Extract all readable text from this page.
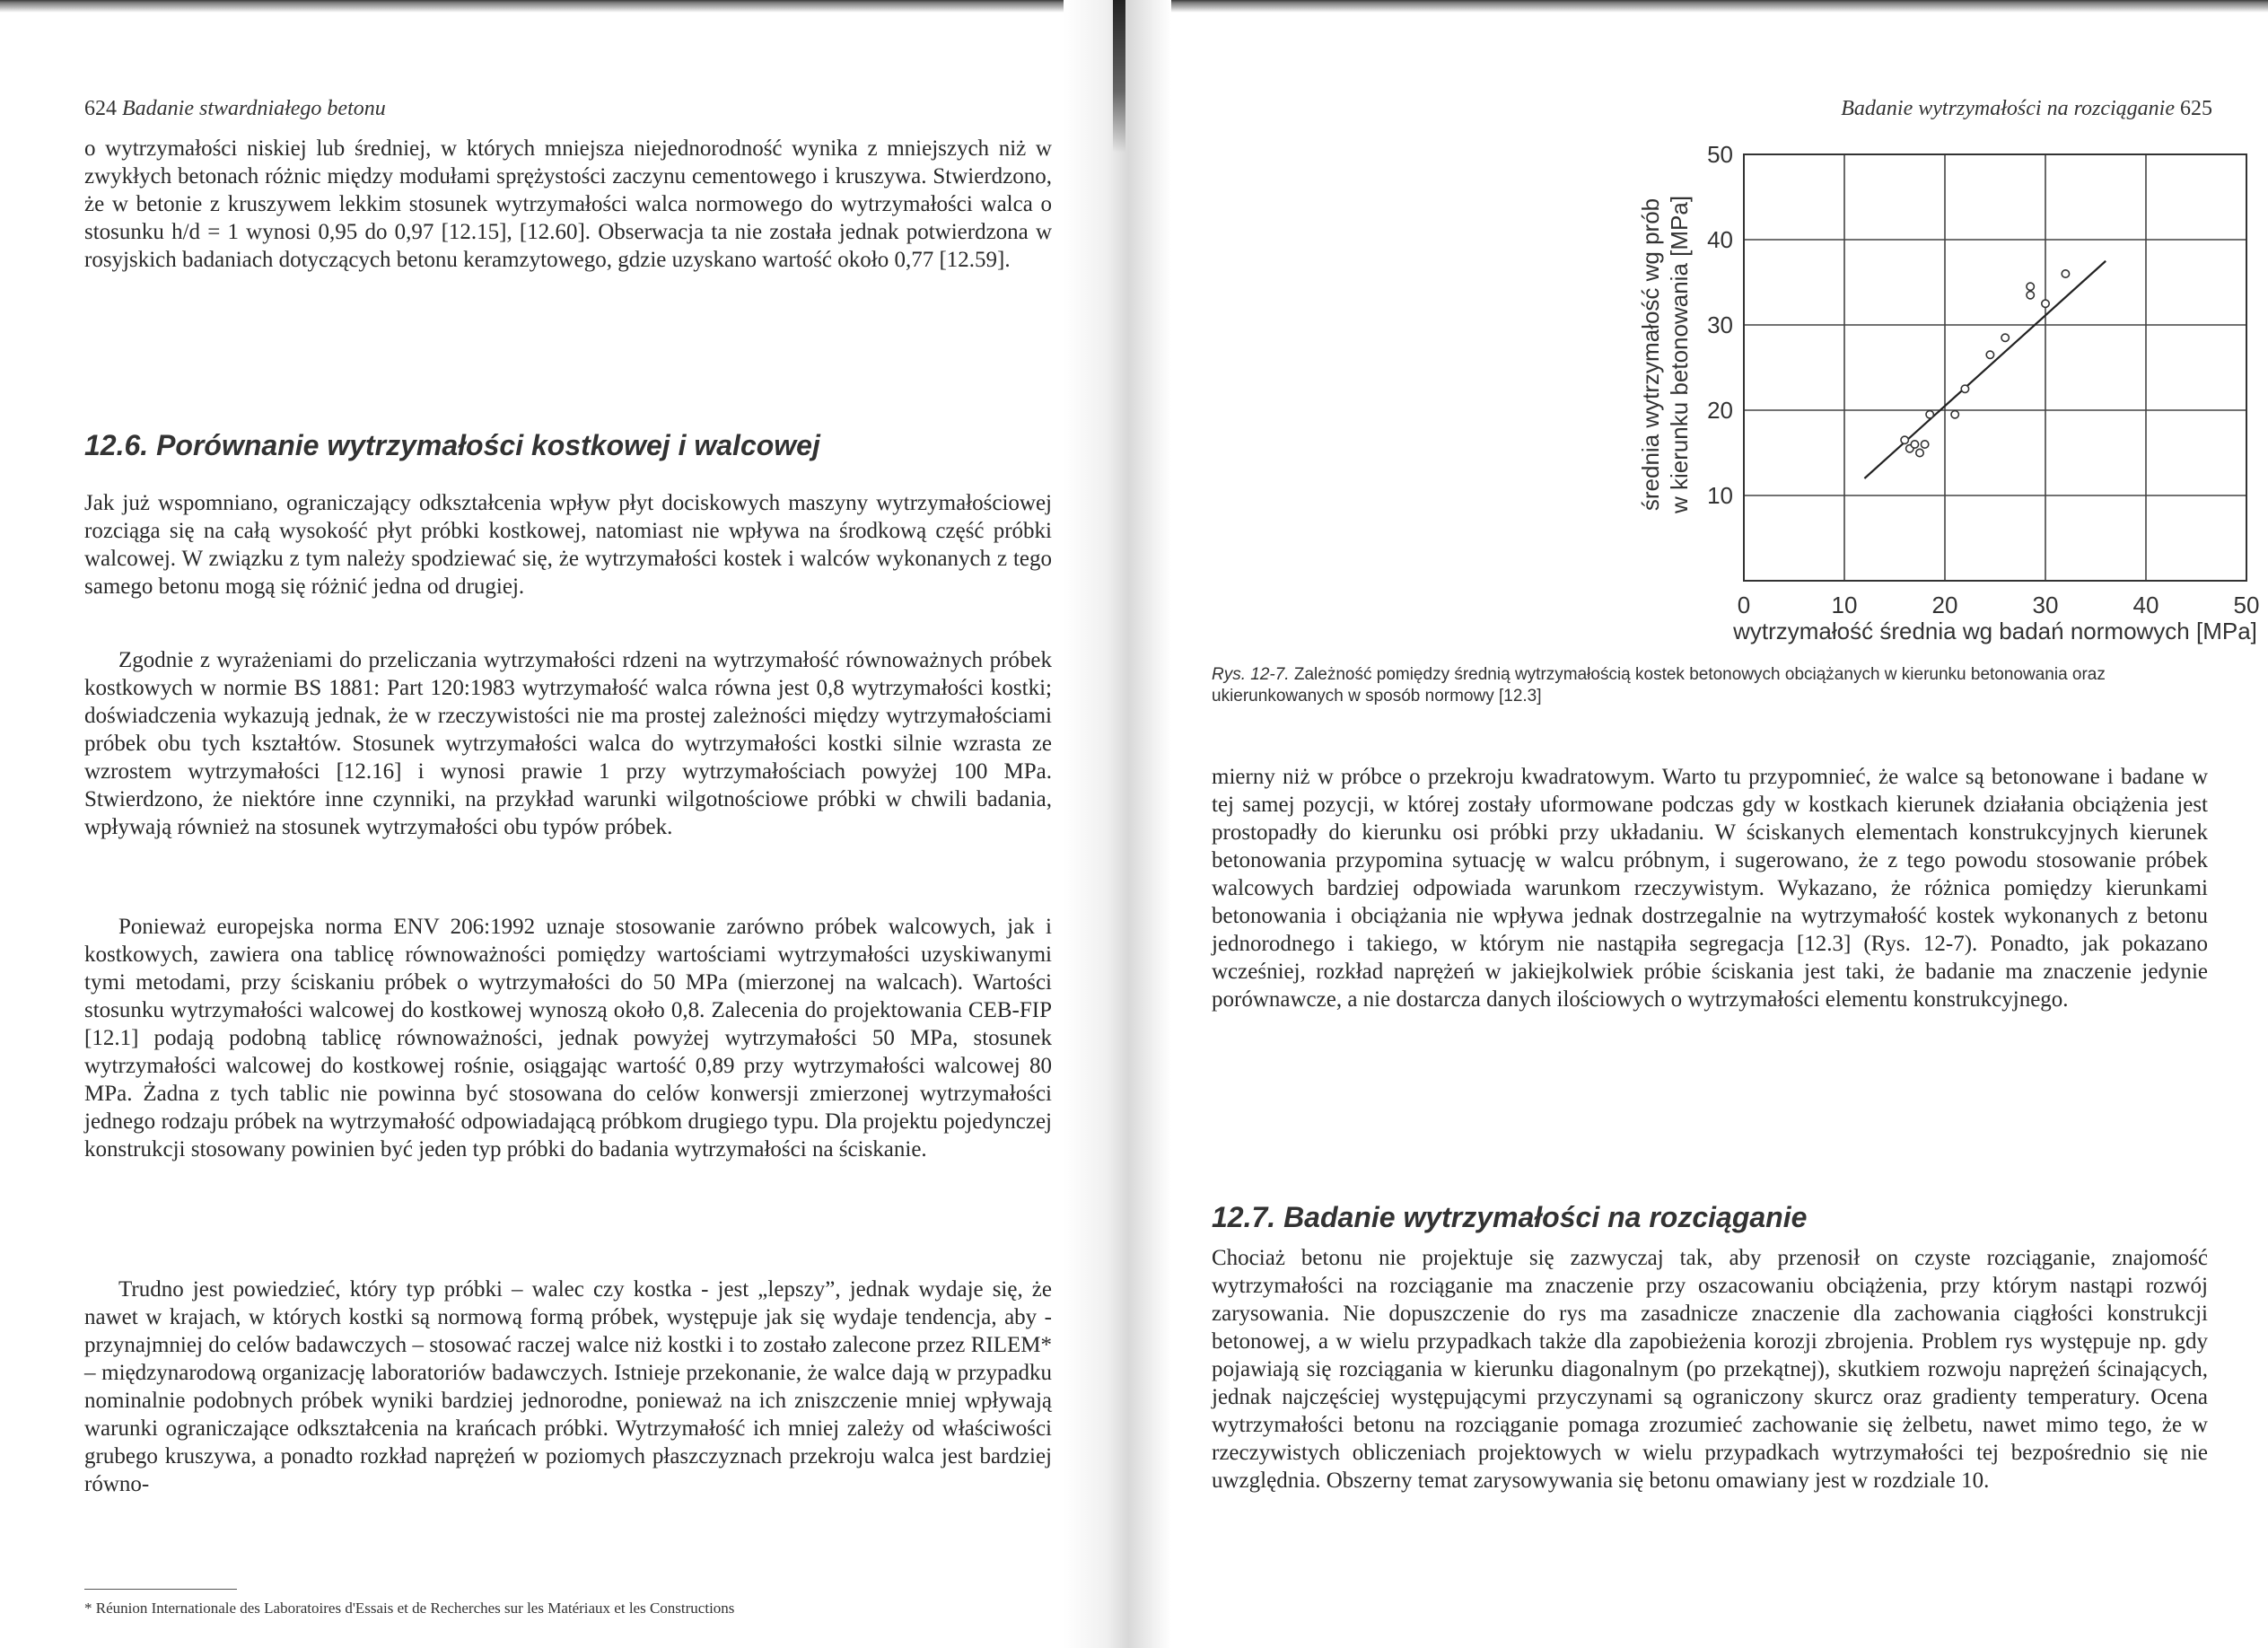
624 Badanie stwardniałego betonu

o wytrzymałości niskiej lub średniej, w których mniejsza niejednorodność wynika z mniejszych niż w zwykłych betonach różnic między modułami sprężystości zaczynu cementowego i kruszywa. Stwierdzono, że w betonie z kruszywem lekkim stosunek wytrzymałości walca normowego do wytrzymałości walca o stosunku h/d = 1 wynosi 0,95 do 0,97 [12.15], [12.60]. Obserwacja ta nie została jednak potwierdzona w rosyjskich badaniach dotyczących betonu keramzytowego, gdzie uzyskano wartość około 0,77 [12.59].

12.6. Porównanie wytrzymałości kostkowej i walcowej

Jak już wspomniano, ograniczający odkształcenia wpływ płyt dociskowych maszyny wytrzymałościowej rozciąga się na całą wysokość płyt próbki kostkowej, natomiast nie wpływa na środkową część próbki walcowej. W związku z tym należy spodziewać się, że wytrzymałości kostek i walców wykonanych z tego samego betonu mogą się różnić jedna od drugiej.

Zgodnie z wyrażeniami do przeliczania wytrzymałości rdzeni na wytrzymałość równoważnych próbek kostkowych w normie BS 1881: Part 120:1983 wytrzymałość walca równa jest 0,8 wytrzymałości kostki; doświadczenia wykazują jednak, że w rzeczywistości nie ma prostej zależności między wytrzymałościami próbek obu tych kształtów. Stosunek wytrzymałości walca do wytrzymałości kostki silnie wzrasta ze wzrostem wytrzymałości [12.16] i wynosi prawie 1 przy wytrzymałościach powyżej 100 MPa. Stwierdzono, że niektóre inne czynniki, na przykład warunki wilgotnościowe próbki w chwili badania, wpływają również na stosunek wytrzymałości obu typów próbek.

Ponieważ europejska norma ENV 206:1992 uznaje stosowanie zarówno próbek walcowych, jak i kostkowych, zawiera ona tablicę równoważności pomiędzy wartościami wytrzymałości uzyskiwanymi tymi metodami, przy ściskaniu próbek o wytrzymałości do 50 MPa (mierzonej na walcach). Wartości stosunku wytrzymałości walcowej do kostkowej wynoszą około 0,8. Zalecenia do projektowania CEB-FIP [12.1] podają podobną tablicę równoważności, jednak powyżej wytrzymałości 50 MPa, stosunek wytrzymałości walcowej do kostkowej rośnie, osiągając wartość 0,89 przy wytrzymałości walcowej 80 MPa. Żadna z tych tablic nie powinna być stosowana do celów konwersji zmierzonej wytrzymałości jednego rodzaju próbek na wytrzymałość odpowiadającą próbkom drugiego typu. Dla projektu pojedynczej konstrukcji stosowany powinien być jeden typ próbki do badania wytrzymałości na ściskanie.

Trudno jest powiedzieć, który typ próbki – walec czy kostka - jest „lepszy”, jednak wydaje się, że nawet w krajach, w których kostki są normową formą próbek, występuje jak się wydaje tendencja, aby - przynajmniej do celów badawczych – stosować raczej walce niż kostki i to zostało zalecone przez RILEM* – międzynarodową organizację laboratoriów badawczych. Istnieje przekonanie, że walce dają w przypadku nominalnie podobnych próbek wyniki bardziej jednorodne, ponieważ na ich zniszczenie mniej wpływają warunki ograniczające odkształcenia na krańcach próbki. Wytrzymałość ich mniej zależy od właściwości grubego kruszywa, a ponadto rozkład naprężeń w poziomych płaszczyznach przekroju walca jest bardziej równo-

* Réunion Internationale des Laboratoires d'Essais et de Recherches sur les Matériaux et les Constructions
Badanie wytrzymałości na rozciąganie 625
10
20
30
40
50
0	10	20	30	40	50
średnia wytrzymałość wg prób w kierunku betonowania [MPa]
wytrzymałość średnia wg badań normowych [MPa]
Rys. 12-7. Zależność pomiędzy średnią wytrzymałością kostek betonowych obciążanych w kierunku betonowania oraz ukierunkowanych w sposób normowy [12.3]

mierny niż w próbce o przekroju kwadratowym. Warto tu przypomnieć, że walce są betonowane i badane w tej samej pozycji, w której zostały uformowane podczas gdy w kostkach kierunek działania obciążenia jest prostopadły do kierunku osi próbki przy układaniu. W ściskanych elementach konstrukcyjnych kierunek betonowania przypomina sytuację w walcu próbnym, i sugerowano, że z tego powodu stosowanie próbek walcowych bardziej odpowiada warunkom rzeczywistym. Wykazano, że różnica pomiędzy kierunkami betonowania i obciążania nie wpływa jednak dostrzegalnie na wytrzymałość kostek wykonanych z betonu jednorodnego i takiego, w którym nie nastąpiła segregacja [12.3] (Rys. 12-7). Ponadto, jak pokazano wcześniej, rozkład naprężeń w jakiejkolwiek próbie ściskania jest taki, że badanie ma znaczenie jedynie porównawcze, a nie dostarcza danych ilościowych o wytrzymałości elementu konstrukcyjnego.

12.7. Badanie wytrzymałości na rozciąganie

Chociaż betonu nie projektuje się zazwyczaj tak, aby przenosił on czyste rozciąganie, znajomość wytrzymałości na rozciąganie ma znaczenie przy oszacowaniu obciążenia, przy którym nastąpi rozwój zarysowania. Nie dopuszczenie do rys ma zasadnicze znaczenie dla zachowania ciągłości konstrukcji betonowej, a w wielu przypadkach także dla zapobieżenia korozji zbrojenia. Problem rys występuje np. gdy pojawiają się rozciągania w kierunku diagonalnym (po przekątnej), skutkiem rozwoju naprężeń ścinających, jednak najczęściej występującymi przyczynami są ograniczony skurcz oraz gradienty temperatury. Ocena wytrzymałości betonu na rozciąganie pomaga zrozumieć zachowanie się żelbetu, nawet mimo tego, że w rzeczywistych obliczeniach projektowych w wielu przypadkach wytrzymałości tej bezpośrednio się nie uwzględnia. Obszerny temat zarysowywania się betonu omawiany jest w rozdziale 10.
